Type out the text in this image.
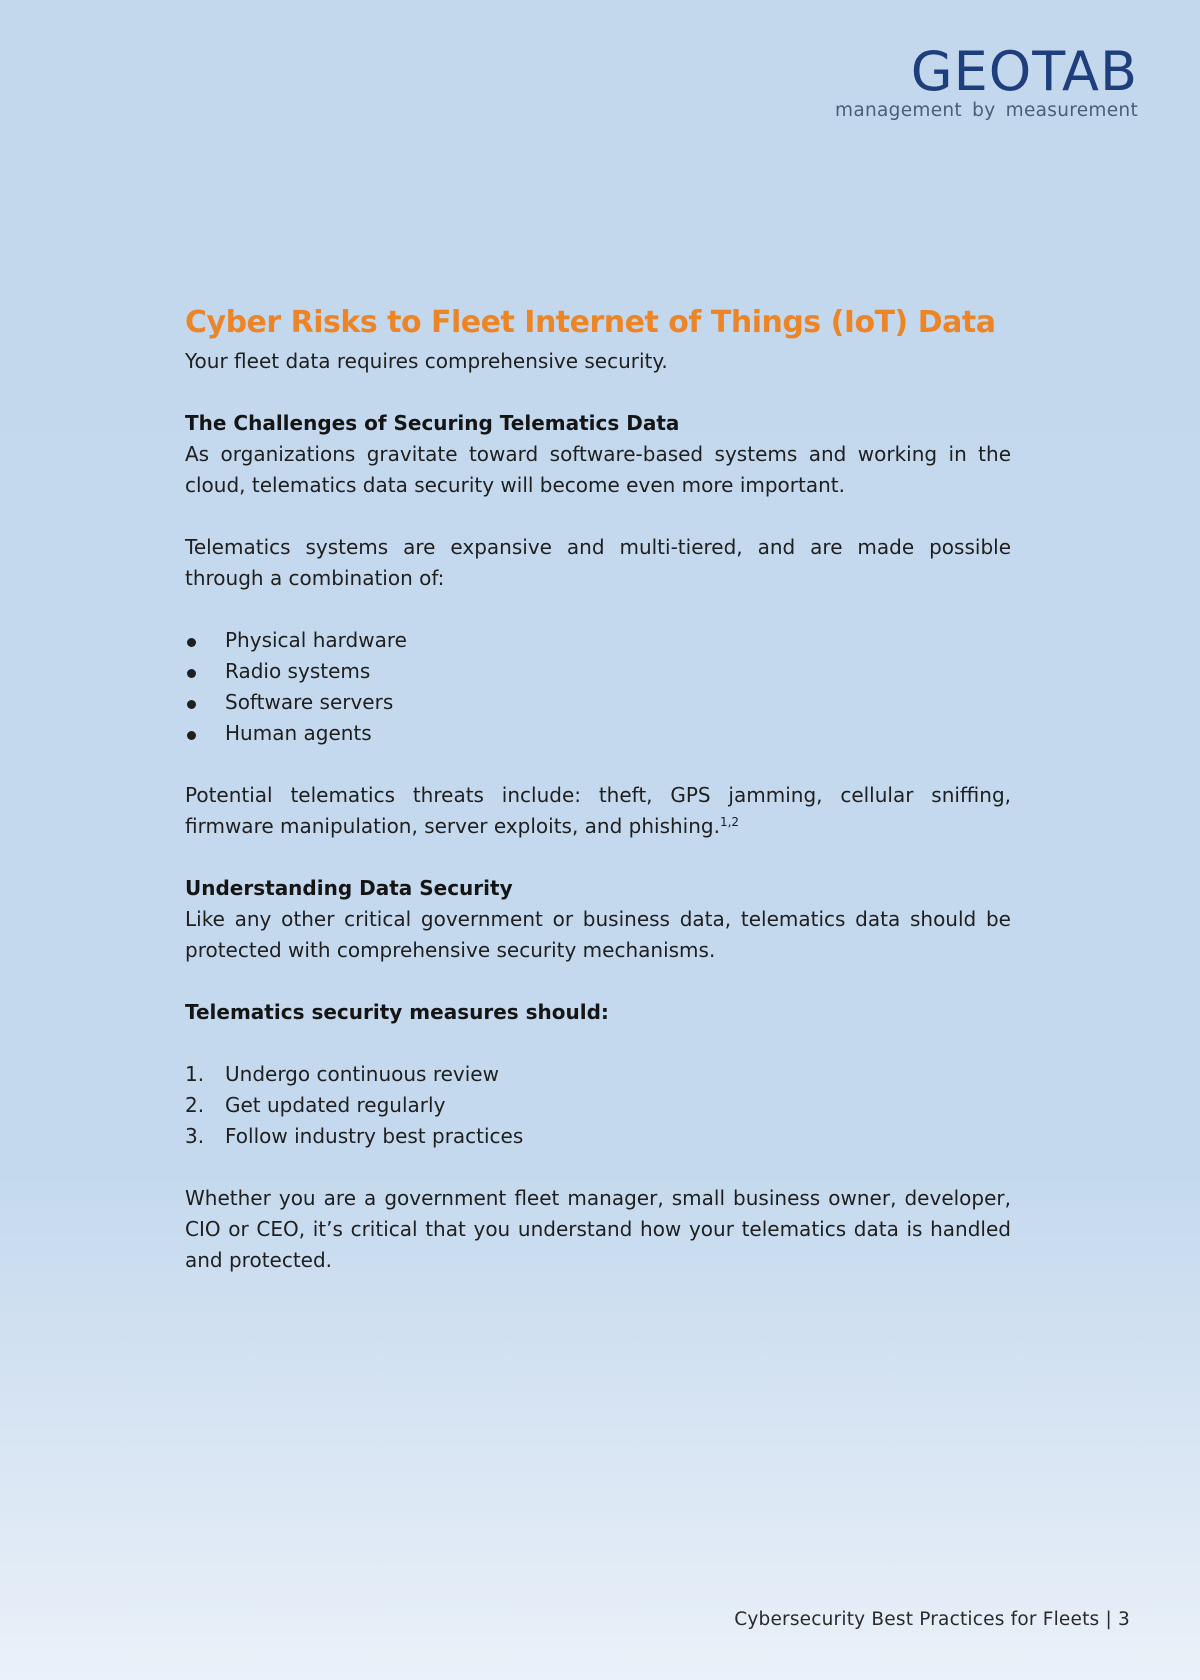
GEOTAB
management by measurement
Cyber Risks to Fleet Internet of Things (IoT) Data

Your fleet data requires comprehensive security.

The Challenges of Securing Telematics Data

As organizations gravitate toward software-based systems and working in the cloud, telematics data security will become even more important.

Telematics systems are expansive and multi-tiered, and are made possible through a combination of:

Physical hardware
Radio systems
Software servers
Human agents

Potential telematics threats include: theft, GPS jamming, cellular sniffing, firmware manipulation, server exploits, and phishing.$^{1,2}$

Understanding Data Security

Like any other critical government or business data, telematics data should be protected with comprehensive security mechanisms.

Telematics security measures should:
1. Undergo continuous review
2. Get updated regularly
3. Follow industry best practices

Whether you are a government fleet manager, small business owner, developer, CIO or CEO, it’s critical that you understand how your telematics data is handled and protected.

Cybersecurity Best Practices for Fleets | 3
